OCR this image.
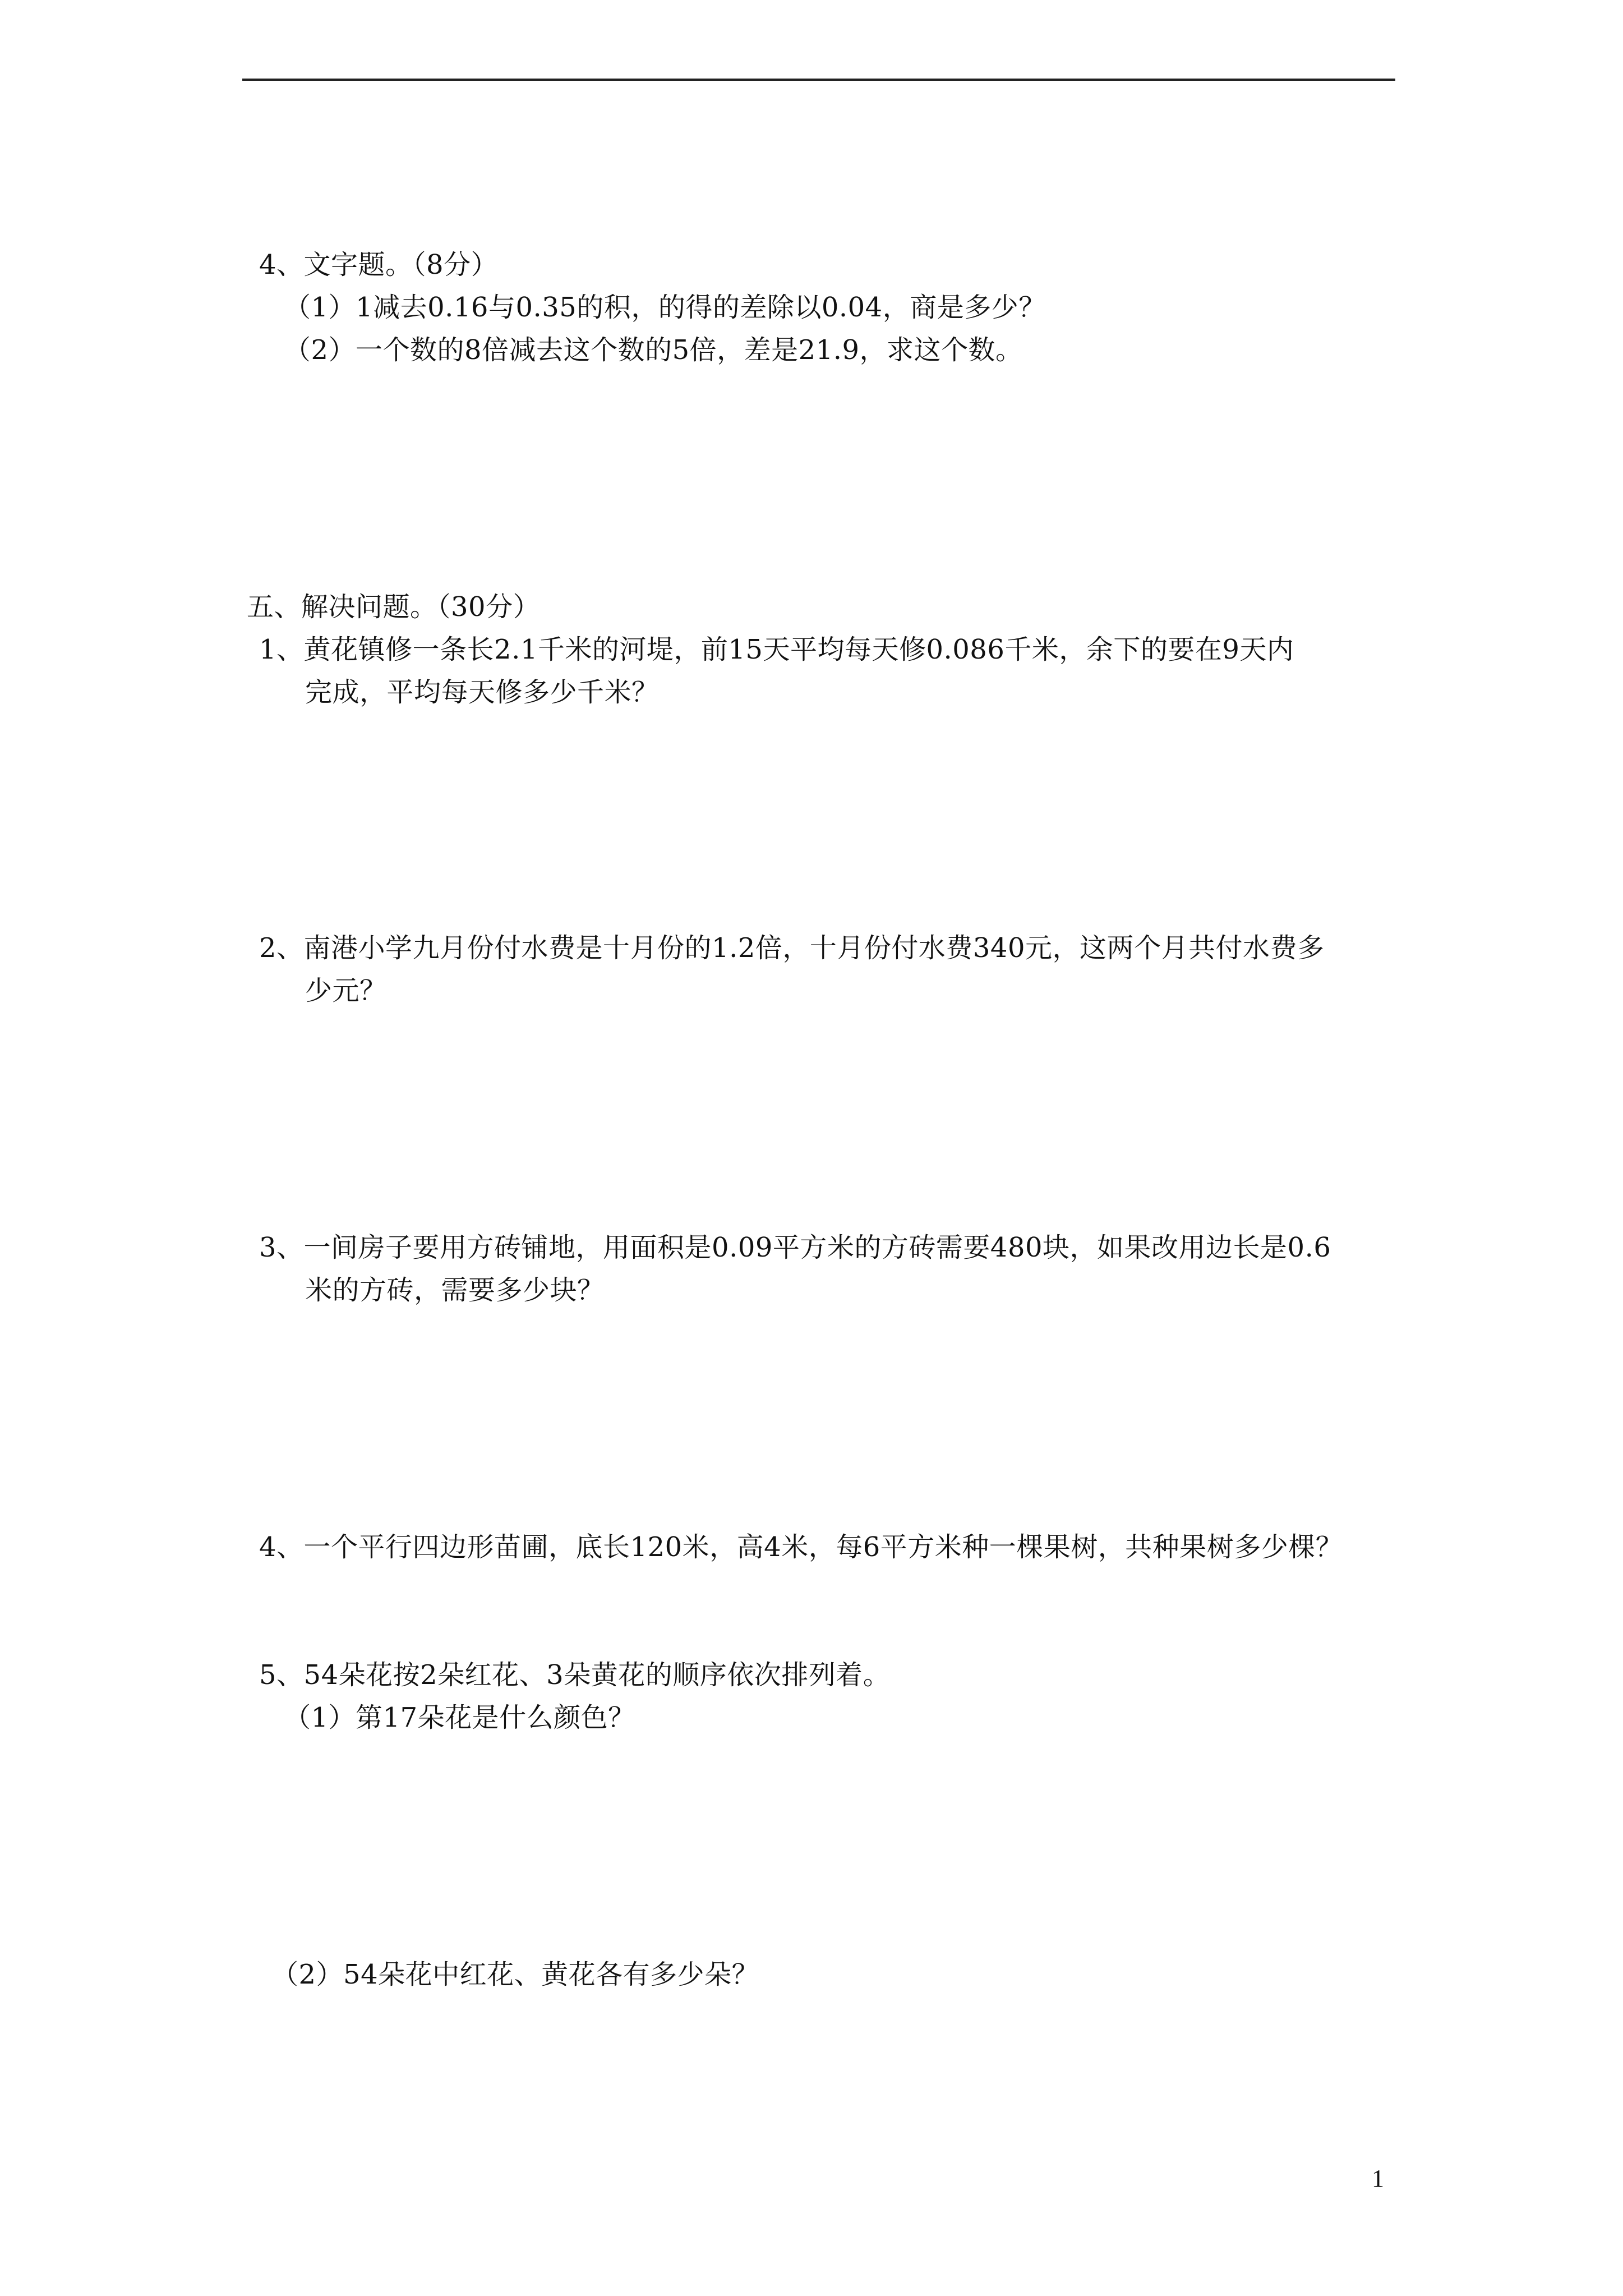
4、文字题。（8分）
（1）1减去0.16与0.35的积，的得的差除以0.04，商是多少？
（2）一个数的8倍减去这个数的5倍，差是21.9，求这个数。
五、解决问题。（30分）
1、黄花镇修一条长2.1千米的河堤，前15天平均每天修0.086千米，余下的要在9天内
完成，平均每天修多少千米？
2、南港小学九月份付水费是十月份的1.2倍，十月份付水费340元，这两个月共付水费多
少元？
3、一间房子要用方砖铺地，用面积是0.09平方米的方砖需要480块，如果改用边长是0.6
米的方砖，需要多少块？
4、一个平行四边形苗圃，底长120米，高4米，每6平方米种一棵果树，共种果树多少棵？
5、54朵花按2朵红花、3朵黄花的顺序依次排列着。
（1）第17朵花是什么颜色？
（2）54朵花中红花、黄花各有多少朵？
1
